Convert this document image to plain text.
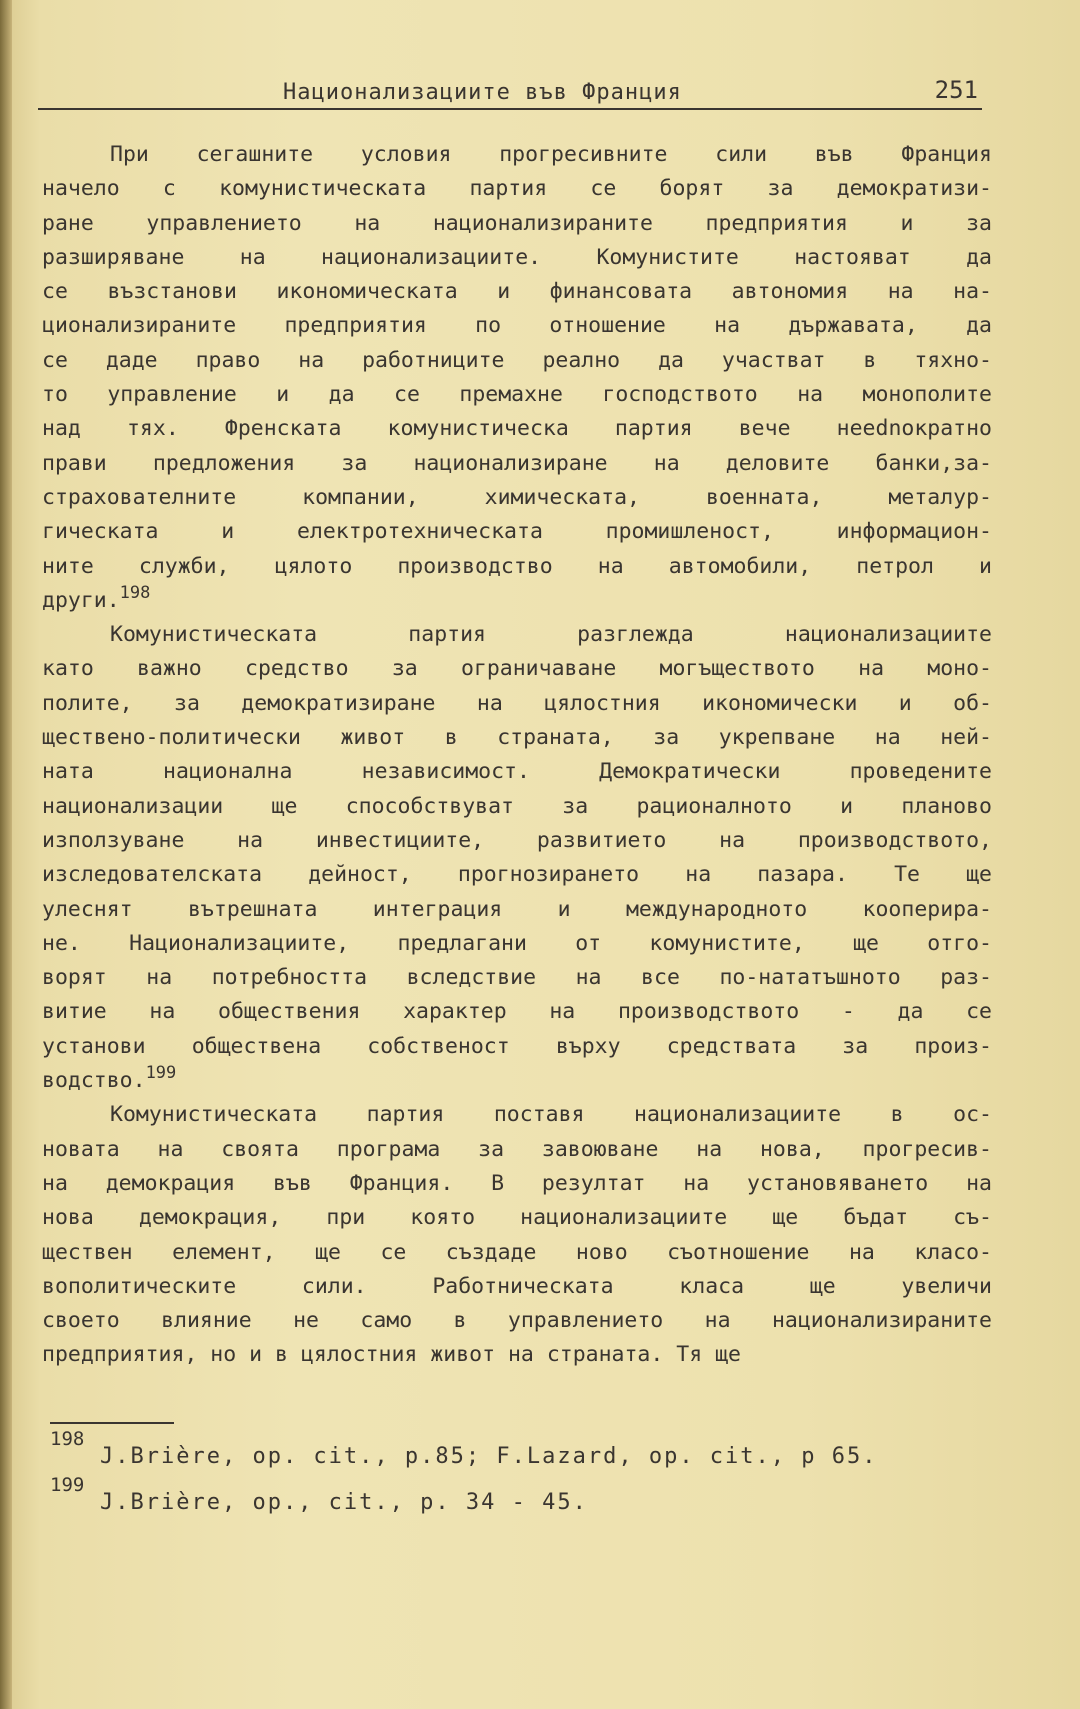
Национализациите във Франция	251
При сегашните условия прогресивните сили във Франция
начело с комунистическата партия се борят за демократизи-
ране управлението на национализираните предприятия и за
разширяване на национализациите. Комунистите настояват да
се възстанови икономическата и финансовата автономия на на-
ционализираните предприятия по отношение на държавата, да
се даде право на работниците реално да участват в тяхно-
то управление и да се премахне господството на монополите
над тях. Френската комунистическа партия вече неednoкратно
прави предложения за национализиране на деловите банки,за-
страховатeлните компании, химическата, военната, металур-
гическата и електротехническата промишленост, информацион-
ните служби, цялото производство на автомобили, петрол и
други.$^{198}$
Комунистическата партия разглежда национализациите
като важно средство за ограничаване могъществото на моно-
полите, за демократизиране на цялостния икономически и об-
ществено-политически живот в страната, за укрепване на ней-
ната национална независимост. Демократически проведените
национализации ще способствуват за рационалното и планово
изпoлзуване на инвестициите, развитието на производството,
изследователската дейност, прогнозирането на пазара. Те ще
улеснят вътрешната интеграция и международното коопериpa-
не. Национализациите, предлагани от комунистите, ще отго-
ворят на потребността вследствие на все по-нататъшното раз-
витие на обществения характер на производството - да се
установи обществена собственост върху средствата за произ-
водство.$^{199}$
Комунистическата партия поставя национализациите в ос-
новата на своята програма за завоюване на нова, прогресив-
на демокрация във Франция. В резултат на установяването на
нова демокрация, при която национализациите ще бъдат съ-
ществен елемент, ще се създаде ново съотношение на класо-
вополитическите сили. Работническата класа ще увеличи
своето влияние не само в управлението на национализираните
предприятия, но и в цялостния живот на страната. Тя ще
198
J.Brière, op. cit., p.85; F.Lazard, op. cit., p 65.
199
J.Brière, op., cit., p. 34 - 45.
